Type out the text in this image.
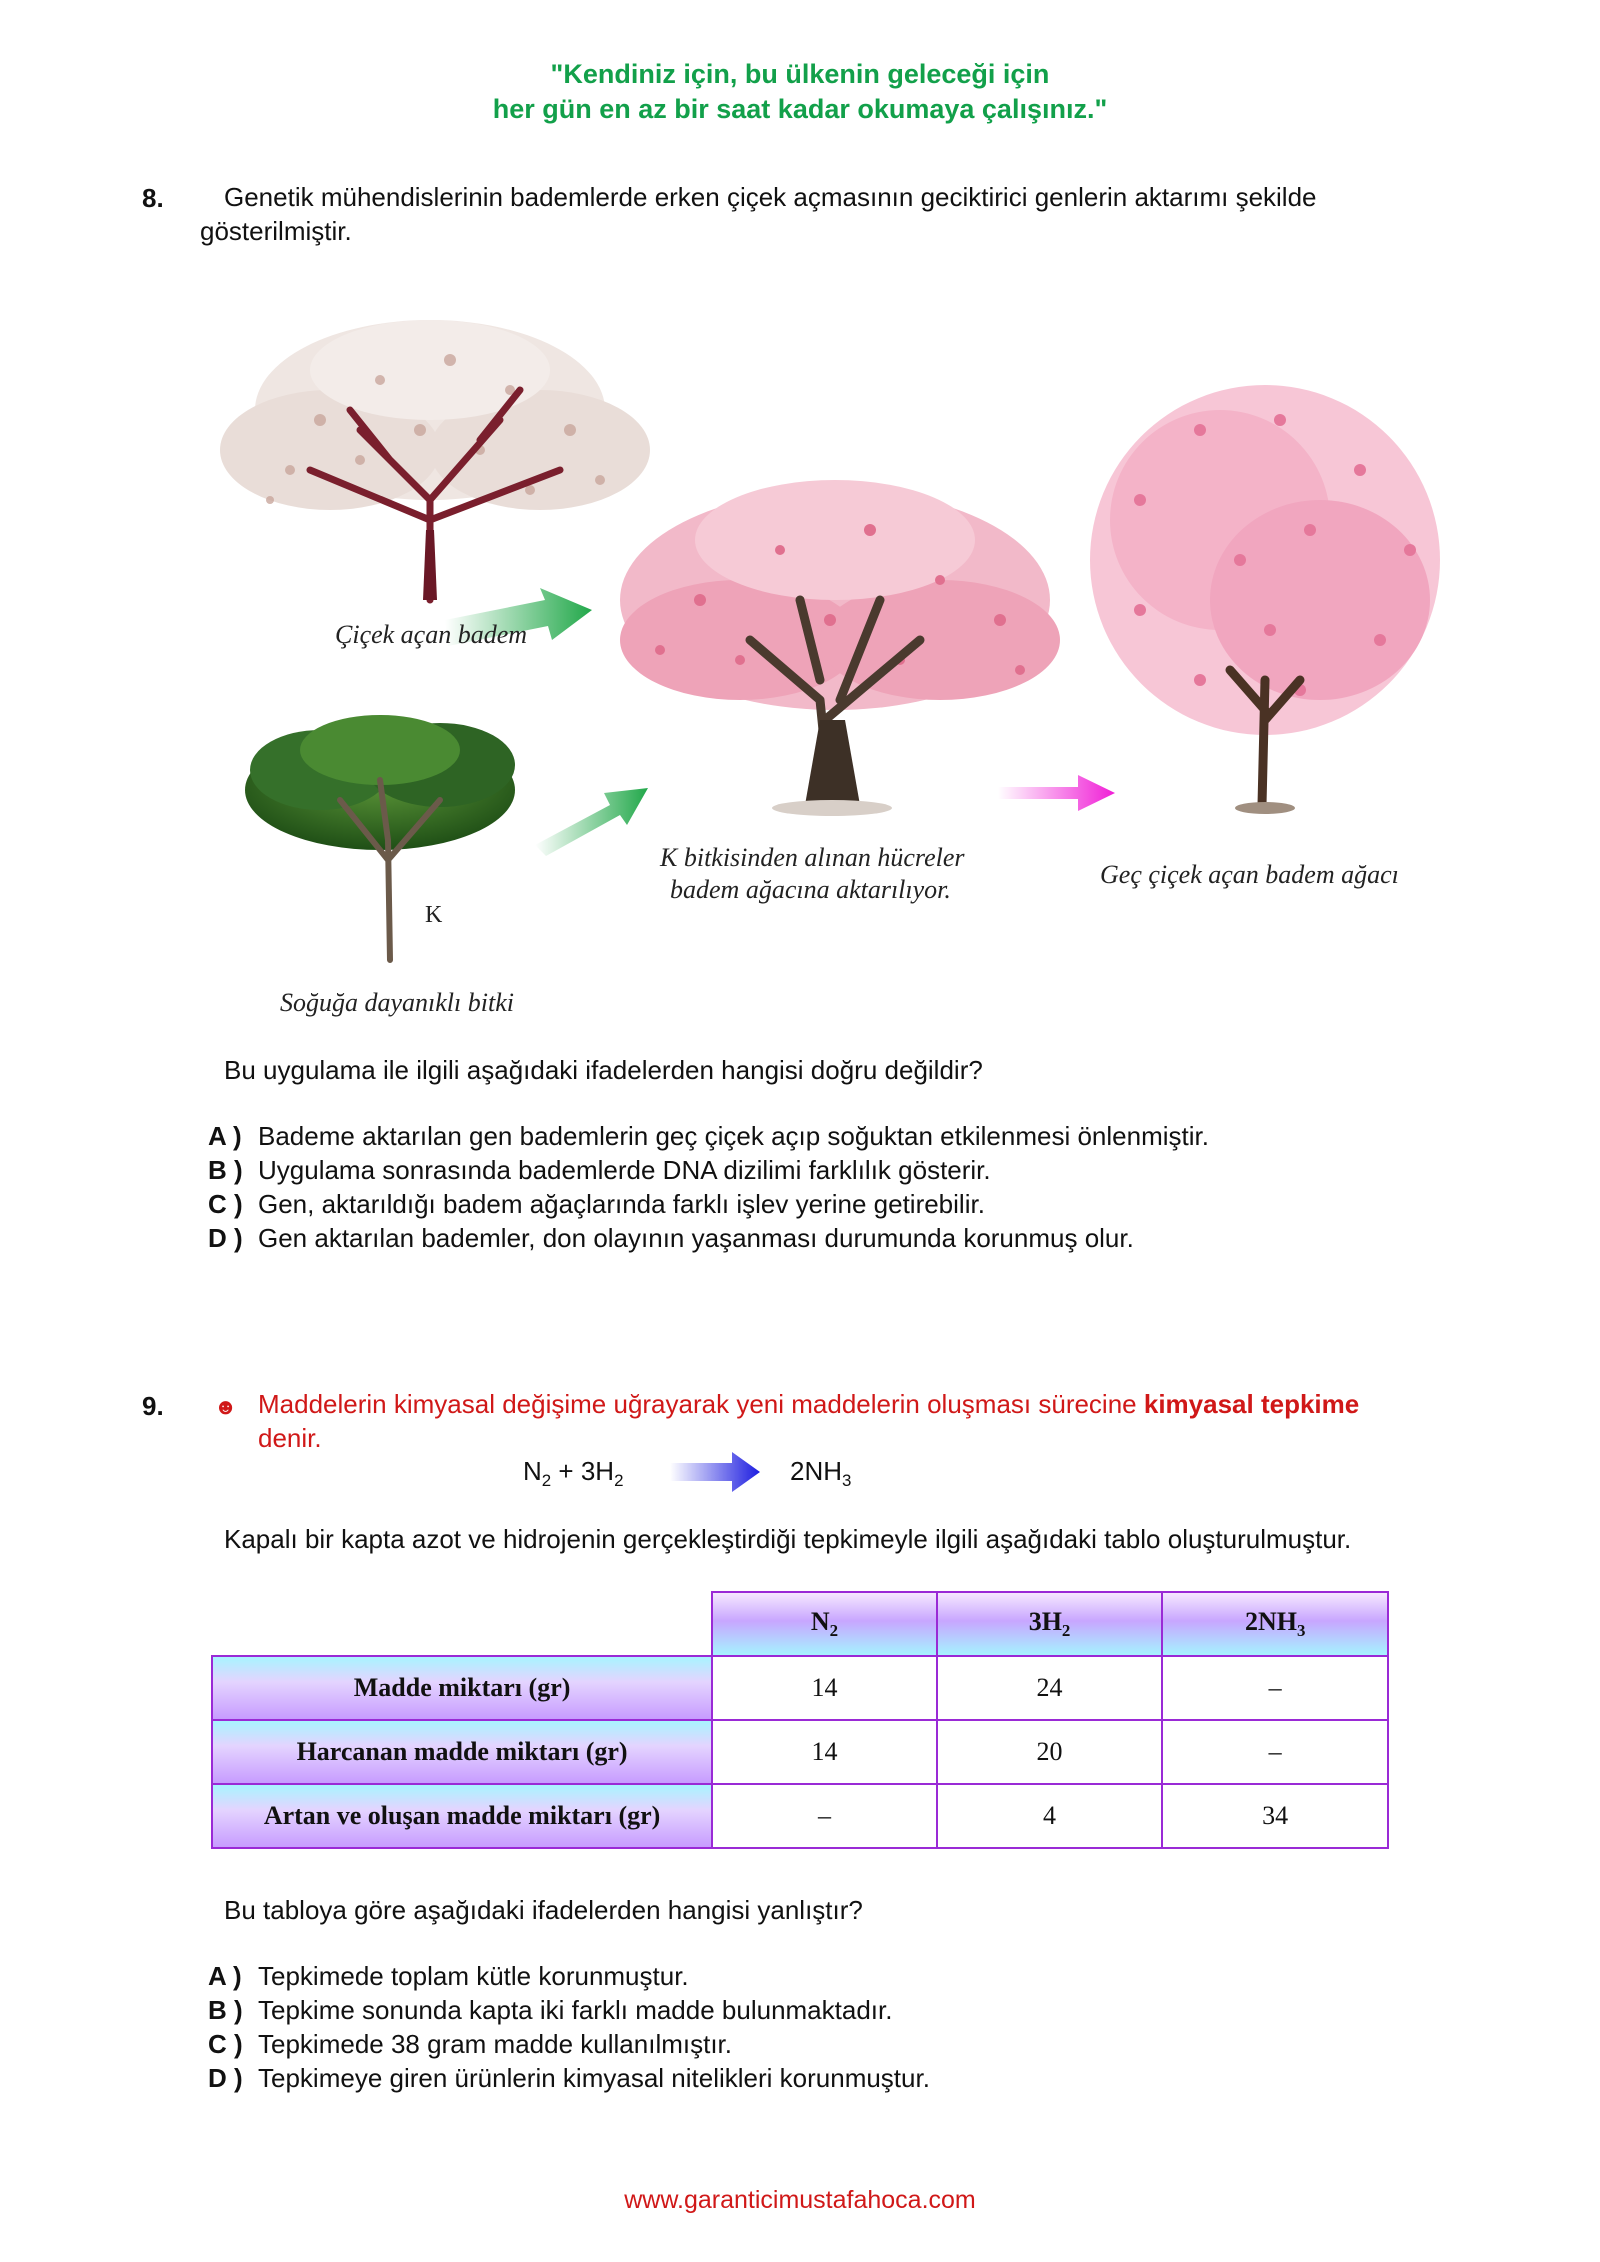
"Kendiniz için, bu ülkenin geleceği için
her gün en az bir saat kadar okumaya çalışınız."
8. Genetik mühendislerinin bademlerde erken çiçek açmasının geciktirici genlerin aktarımı şekilde
gösterilmiştir.
K
Çiçek açan badem
K bitkisinden alınan hücreler
badem ağacına aktarılıyor.
Geç çiçek açan badem ağacı
Soğuğa dayanıklı bitki
Bu uygulama ile ilgili aşağıdaki ifadelerden hangisi doğru değildir?
A ) Bademe aktarılan gen bademlerin geç çiçek açıp soğuktan etkilenmesi önlenmiştir.
B ) Uygulama sonrasında bademlerde DNA dizilimi farklılık gösterir.
C ) Gen, aktarıldığı badem ağaçlarında farklı işlev yerine getirebilir.
D ) Gen aktarılan bademler, don olayının yaşanması durumunda korunmuş olur.
9. ☻ Maddelerin kimyasal değişime uğrayarak yeni maddelerin oluşması sürecine kimyasal tepkime
denir.
$N_2 + 3H_2$	$2NH_3$
Kapalı bir kapta azot ve hidrojenin gerçekleştirdiği tepkimeyle ilgili aşağıdaki tablo oluşturulmuştur.
	$N_2$	$3H_2$	$2NH_3$
Madde miktarı (gr)	14	24	–
Harcanan madde miktarı (gr)	14	20	–
Artan ve oluşan madde miktarı (gr)	–	4	34
Bu tabloya göre aşağıdaki ifadelerden hangisi yanlıştır?
A ) Tepkimede toplam kütle korunmuştur.
B ) Tepkime sonunda kapta iki farklı madde bulunmaktadır.
C ) Tepkimede 38 gram madde kullanılmıştır.
D ) Tepkimeye giren ürünlerin kimyasal nitelikleri korunmuştur.
www.garanticimustafahoca.com
